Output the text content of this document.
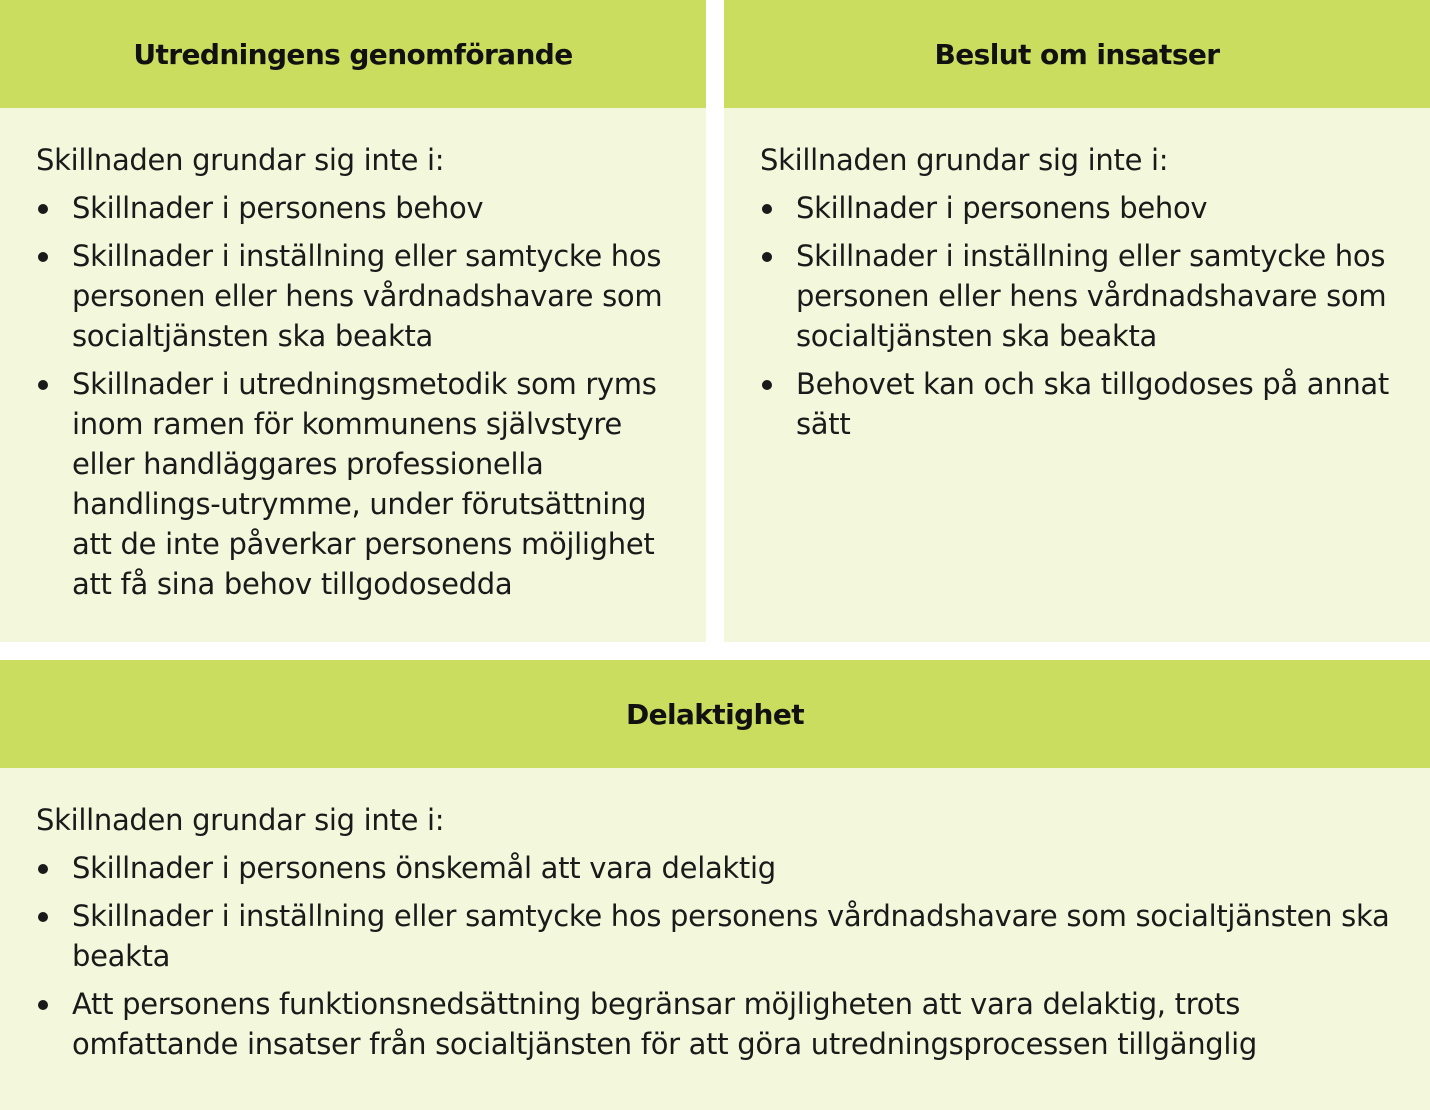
Utredningens genomförande
Skillnaden grundar sig inte i:
Skillnader i personens behov
Skillnader i inställning eller samtycke hos personen eller hens vårdnadshavare som socialtjänsten ska beakta
Skillnader i utredningsmetodik som ryms inom ramen för kommunens självstyre eller handläggares professionella handlings-utrymme, under förutsättning att de inte påverkar personens möjlighet att få sina behov tillgodosedda
Beslut om insatser
Skillnaden grundar sig inte i:
Skillnader i personens behov
Skillnader i inställning eller samtycke hos personen eller hens vårdnadshavare som socialtjänsten ska beakta
Behovet kan och ska tillgodoses på annat sätt
Delaktighet
Skillnaden grundar sig inte i:
Skillnader i personens önskemål att vara delaktig
Skillnader i inställning eller samtycke hos personens vårdnadshavare som socialtjänsten ska beakta
Att personens funktionsnedsättning begränsar möjligheten att vara delaktig, trots omfattande insatser från socialtjänsten för att göra utredningsprocessen tillgänglig
